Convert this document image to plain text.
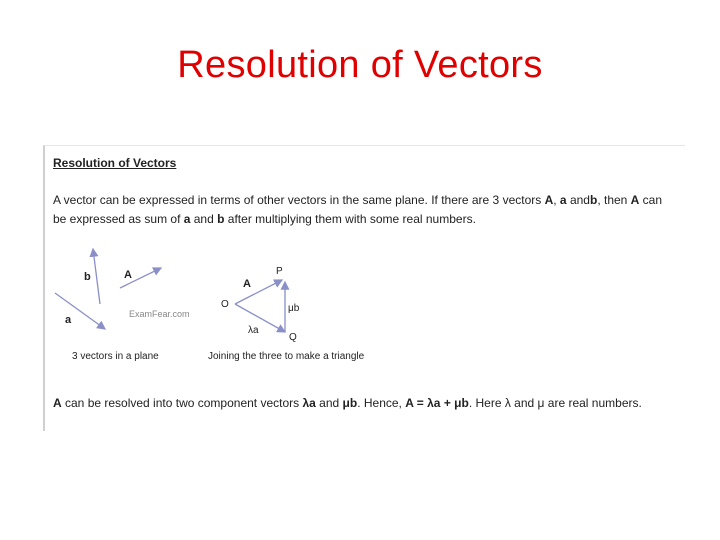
Resolution of Vectors
Resolution of Vectors
A vector can be expressed in terms of other vectors in the same plane. If there are 3 vectors A, a andb, then A can be expressed as sum of a and b after multiplying them with some real numbers.
b	A
a	ExamFear.com
P
A
O	μb
λa
Q
3 vectors in a plane	Joining the three to make a triangle
A can be resolved into two component vectors λa and μb. Hence, A = λa + μb. Here λ and μ are real numbers.
